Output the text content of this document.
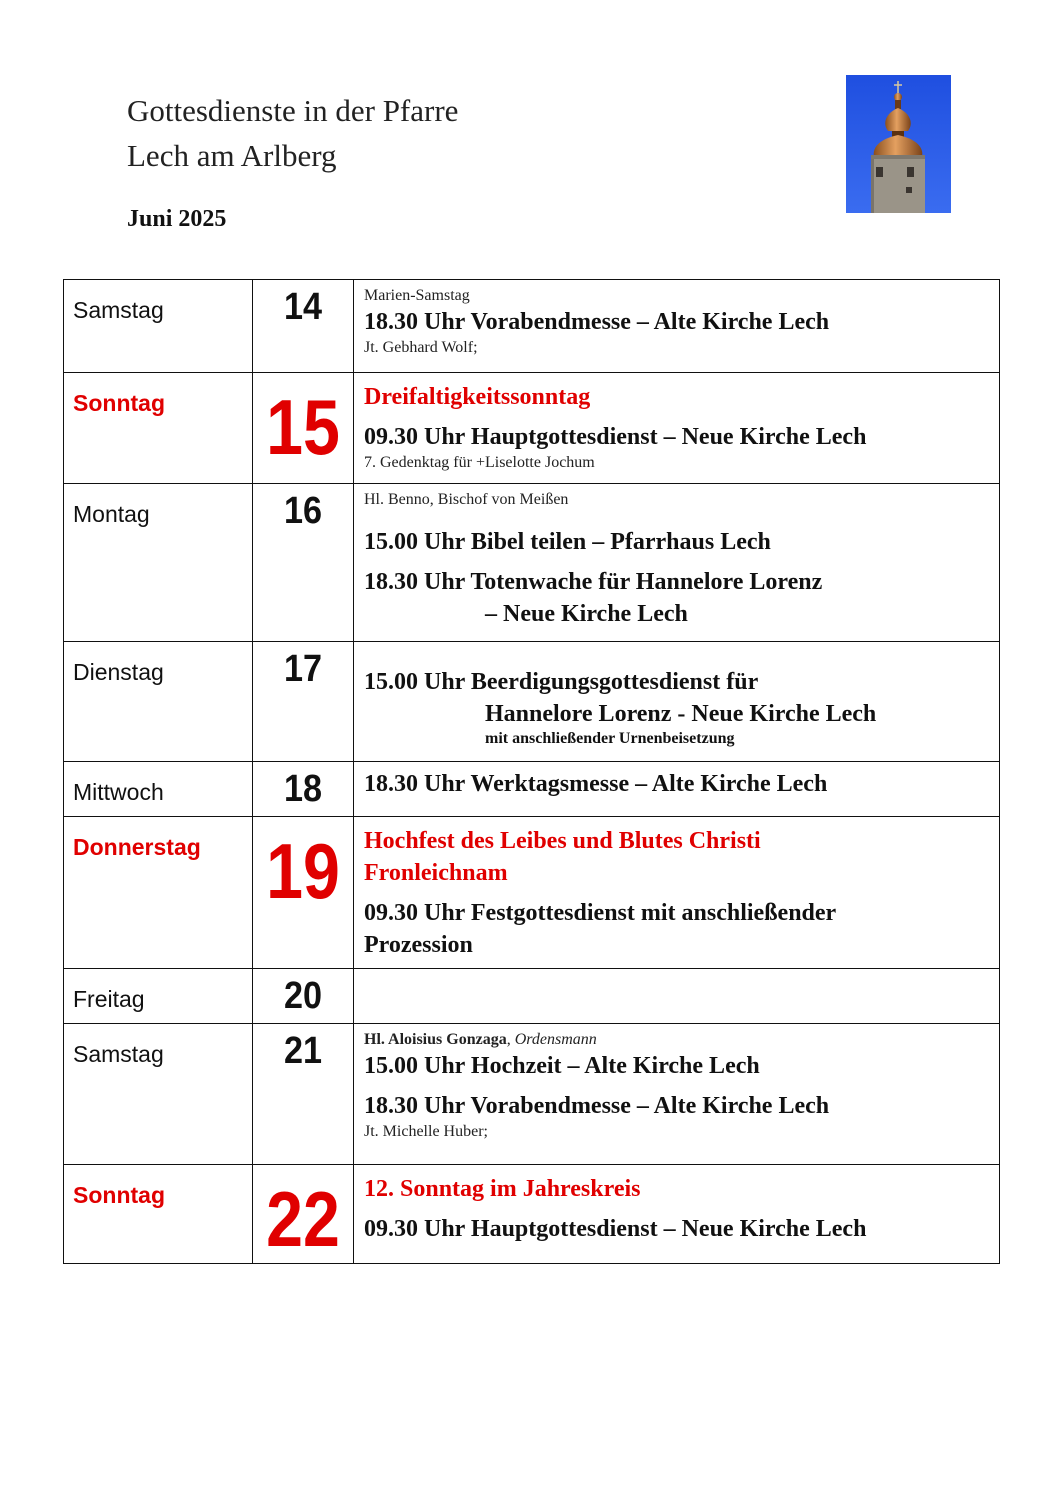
Gottesdienste in der Pfarre
Lech am Arlberg
Juni 2025
Samstag	14	Marien-Samstag
18.30 Uhr Vorabendmesse – Alte Kirche Lech
Jt. Gebhard Wolf;

Sonntag	15	Dreifaltigkeitssonntag
09.30 Uhr Hauptgottesdienst – Neue Kirche Lech
7. Gedenktag für +Liselotte Jochum

Montag	16	Hl. Benno, Bischof von Meißen
15.00 Uhr Bibel teilen – Pfarrhaus Lech
18.30 Uhr Totenwache für Hannelore Lorenz
– Neue Kirche Lech

Dienstag	17	15.00 Uhr Beerdigungsgottesdienst für
Hannelore Lorenz - Neue Kirche Lech
mit anschließender Urnenbeisetzung

Mittwoch	18	18.30 Uhr Werktagsmesse – Alte Kirche Lech

Donnerstag	19	Hochfest des Leibes und Blutes Christi
Fronleichnam
09.30 Uhr Festgottesdienst mit anschließender
Prozession

Freitag	20	

Samstag	21	Hl. Aloisius Gonzaga, Ordensmann
15.00 Uhr Hochzeit – Alte Kirche Lech
18.30 Uhr Vorabendmesse – Alte Kirche Lech
Jt. Michelle Huber;

Sonntag	22	12. Sonntag im Jahreskreis
09.30 Uhr Hauptgottesdienst – Neue Kirche Lech
